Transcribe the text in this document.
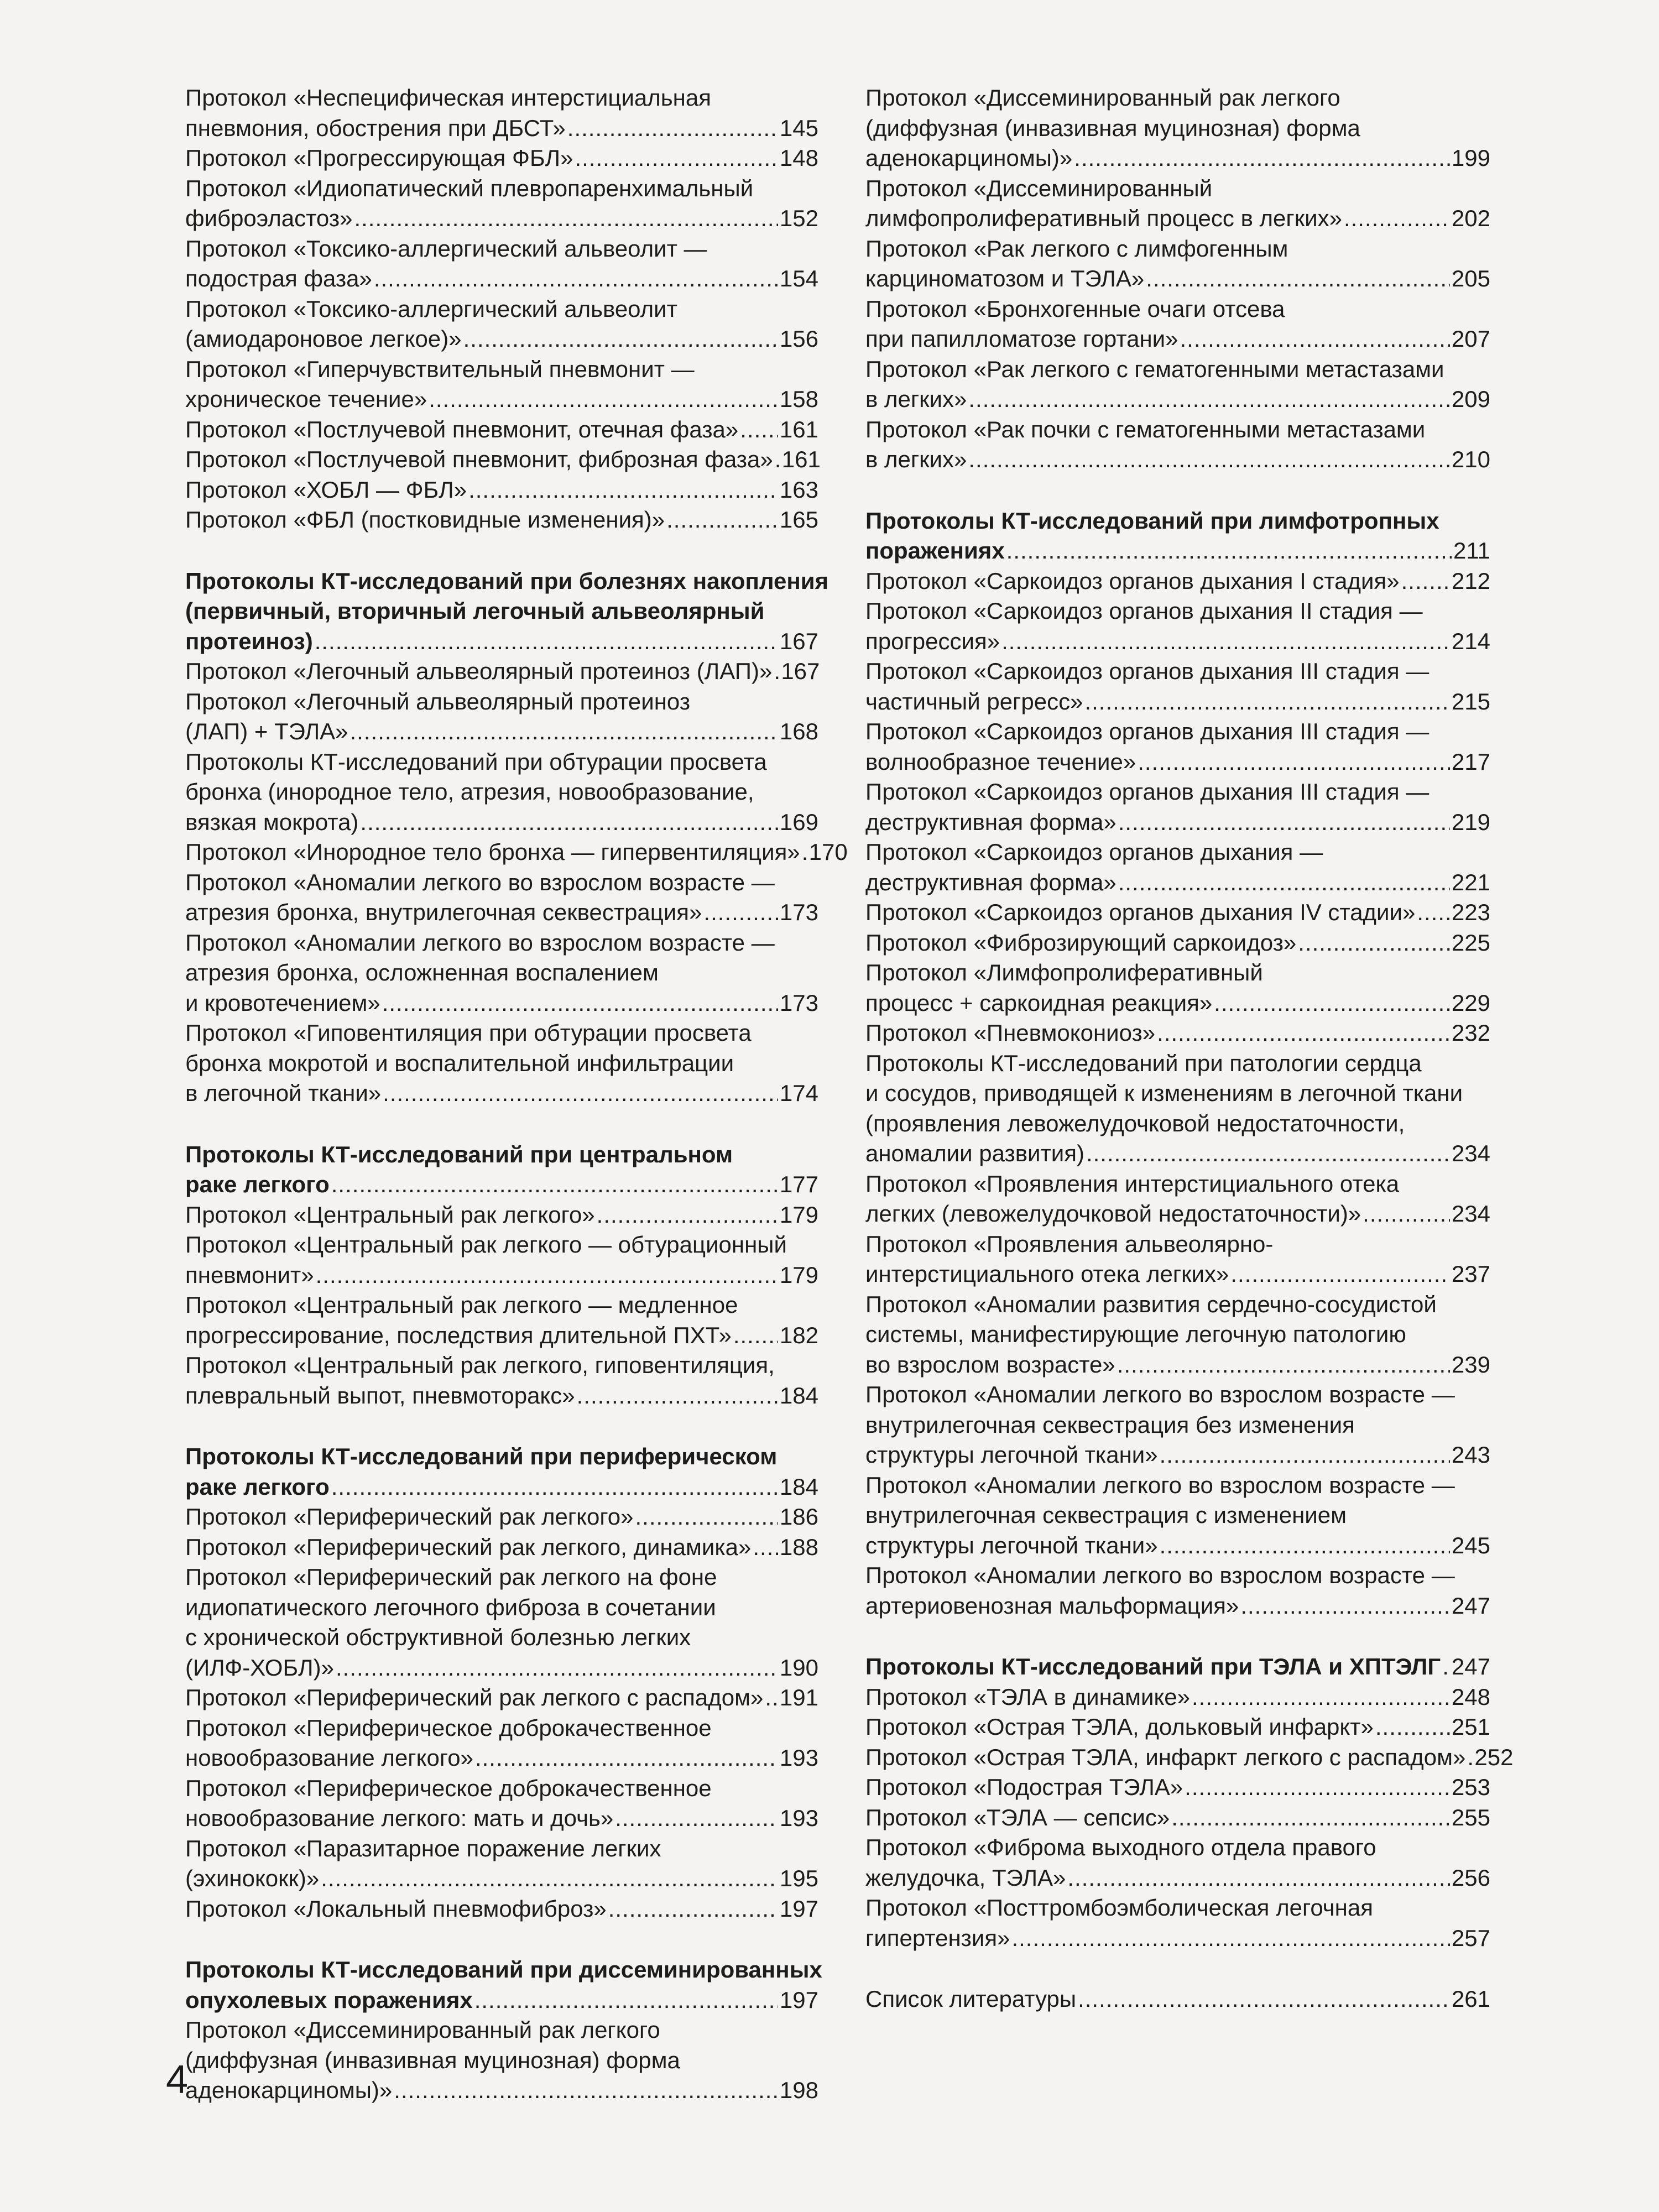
Протокол «Неспецифическая интерстициальная
пневмония, обострения при ДБСТ» .....	145
Протокол «Прогрессирующая ФБЛ» .....	148
Протокол «Идиопатический плевропаренхимальный
фиброэластоз» .....	152
Протокол «Токсико-аллергический альвеолит —
подострая фаза» .....	154
Протокол «Токсико-аллергический альвеолит
(амиодароновое легкое)» .....	156
Протокол «Гиперчувствительный пневмонит —
хроническое течение» .....	158
Протокол «Постлучевой пневмонит, отечная фаза» ..... 161
Протокол «Постлучевой пневмонит, фиброзная фаза» ..... 161
Протокол «ХОБЛ — ФБЛ» .....	163
Протокол «ФБЛ (постковидные изменения)» .....	165
Протоколы КТ-исследований при болезнях накопления
(первичный, вторичный легочный альвеолярный
протеиноз) .....	167
Протокол «Легочный альвеолярный протеиноз (ЛАП)» ..... 167
Протокол «Легочный альвеолярный протеиноз
(ЛАП) + ТЭЛА» .....	168
Протоколы КТ-исследований при обтурации просвета
бронха (инородное тело, атрезия, новообразование,
вязкая мокрота) .....	169
Протокол «Инородное тело бронха — гипервентиляция» ..... 170
Протокол «Аномалии легкого во взрослом возрасте —
атрезия бронха, внутрилегочная секвестрация» .....	173
Протокол «Аномалии легкого во взрослом возрасте —
атрезия бронха, осложненная воспалением
и кровотечением» .....	173
Протокол «Гиповентиляция при обтурации просвета
бронха мокротой и воспалительной инфильтрации
в легочной ткани» .....	174
Протоколы КТ-исследований при центральном
раке легкого .....	177
Протокол «Центральный рак легкого» .....	179
Протокол «Центральный рак легкого — обтурационный
пневмонит» .....	179
Протокол «Центральный рак легкого — медленное
прогрессирование, последствия длительной ПХТ» ..... 182
Протокол «Центральный рак легкого, гиповентиляция,
плевральный выпот, пневмоторакс» .....	184
Протоколы КТ-исследований при периферическом
раке легкого .....	184
Протокол «Периферический рак легкого» .....	186
Протокол «Периферический рак легкого, динамика» ..... 188
Протокол «Периферический рак легкого на фоне
идиопатического легочного фиброза в сочетании
с хронической обструктивной болезнью легких
(ИЛФ-ХОБЛ)» .....	190
Протокол «Периферический рак легкого с распадом» ..... 191
Протокол «Периферическое доброкачественное
новообразование легкого» .....	193
Протокол «Периферическое доброкачественное
новообразование легкого: мать и дочь» .....	193
Протокол «Паразитарное поражение легких
(эхинококк)» .....	195
Протокол «Локальный пневмофиброз» .....	197
Протоколы КТ-исследований при диссеминированных
опухолевых поражениях .....	197
Протокол «Диссеминированный рак легкого
(диффузная (инвазивная муцинозная) форма
аденокарциномы)» .....	198
Протокол «Диссеминированный рак легкого
(диффузная (инвазивная муцинозная) форма
аденокарциномы)» .....	199
Протокол «Диссеминированный
лимфопролиферативный процесс в легких» .....	202
Протокол «Рак легкого с лимфогенным
карциноматозом и ТЭЛА» .....	205
Протокол «Бронхогенные очаги отсева
при папилломатозе гортани» .....	207
Протокол «Рак легкого с гематогенными метастазами
в легких» .....	209
Протокол «Рак почки с гематогенными метастазами
в легких» .....	210
Протоколы КТ-исследований при лимфотропных
поражениях .....	211
Протокол «Саркоидоз органов дыхания I стадия» ..... 212
Протокол «Саркоидоз органов дыхания II стадия —
прогрессия» .....	214
Протокол «Саркоидоз органов дыхания III стадия —
частичный регресс» .....	215
Протокол «Саркоидоз органов дыхания III стадия —
волнообразное течение» .....	217
Протокол «Саркоидоз органов дыхания III стадия —
деструктивная форма» .....	219
Протокол «Саркоидоз органов дыхания —
деструктивная форма» .....	221
Протокол «Саркоидоз органов дыхания IV стадии» ..... 223
Протокол «Фиброзирующий саркоидоз» .....	225
Протокол «Лимфопролиферативный
процесс + саркоидная реакция» .....	229
Протокол «Пневмокониоз» .....	232
Протоколы КТ-исследований при патологии сердца
и сосудов, приводящей к изменениям в легочной ткани
(проявления левожелудочковой недостаточности,
аномалии развития) .....	234
Протокол «Проявления интерстициального отека
легких (левожелудочковой недостаточности)» .....	234
Протокол «Проявления альвеолярно-
интерстициального отека легких» .....	237
Протокол «Аномалии развития сердечно-сосудистой
системы, манифестирующие легочную патологию
во взрослом возрасте» .....	239
Протокол «Аномалии легкого во взрослом возрасте —
внутрилегочная секвестрация без изменения
структуры легочной ткани» .....	243
Протокол «Аномалии легкого во взрослом возрасте —
внутрилегочная секвестрация с изменением
структуры легочной ткани» .....	245
Протокол «Аномалии легкого во взрослом возрасте —
артериовенозная мальформация» .....	247
Протоколы КТ-исследований при ТЭЛА и ХПТЭЛГ ..... 247
Протокол «ТЭЛА в динамике» .....	248
Протокол «Острая ТЭЛА, дольковый инфаркт» .....	251
Протокол «Острая ТЭЛА, инфаркт легкого с распадом» ..... 252
Протокол «Подострая ТЭЛА» .....	253
Протокол «ТЭЛА — сепсис» .....	255
Протокол «Фиброма выходного отдела правого
желудочка, ТЭЛА» .....	256
Протокол «Посттромбоэмболическая легочная
гипертензия» .....	257
Список литературы .....	261
4
